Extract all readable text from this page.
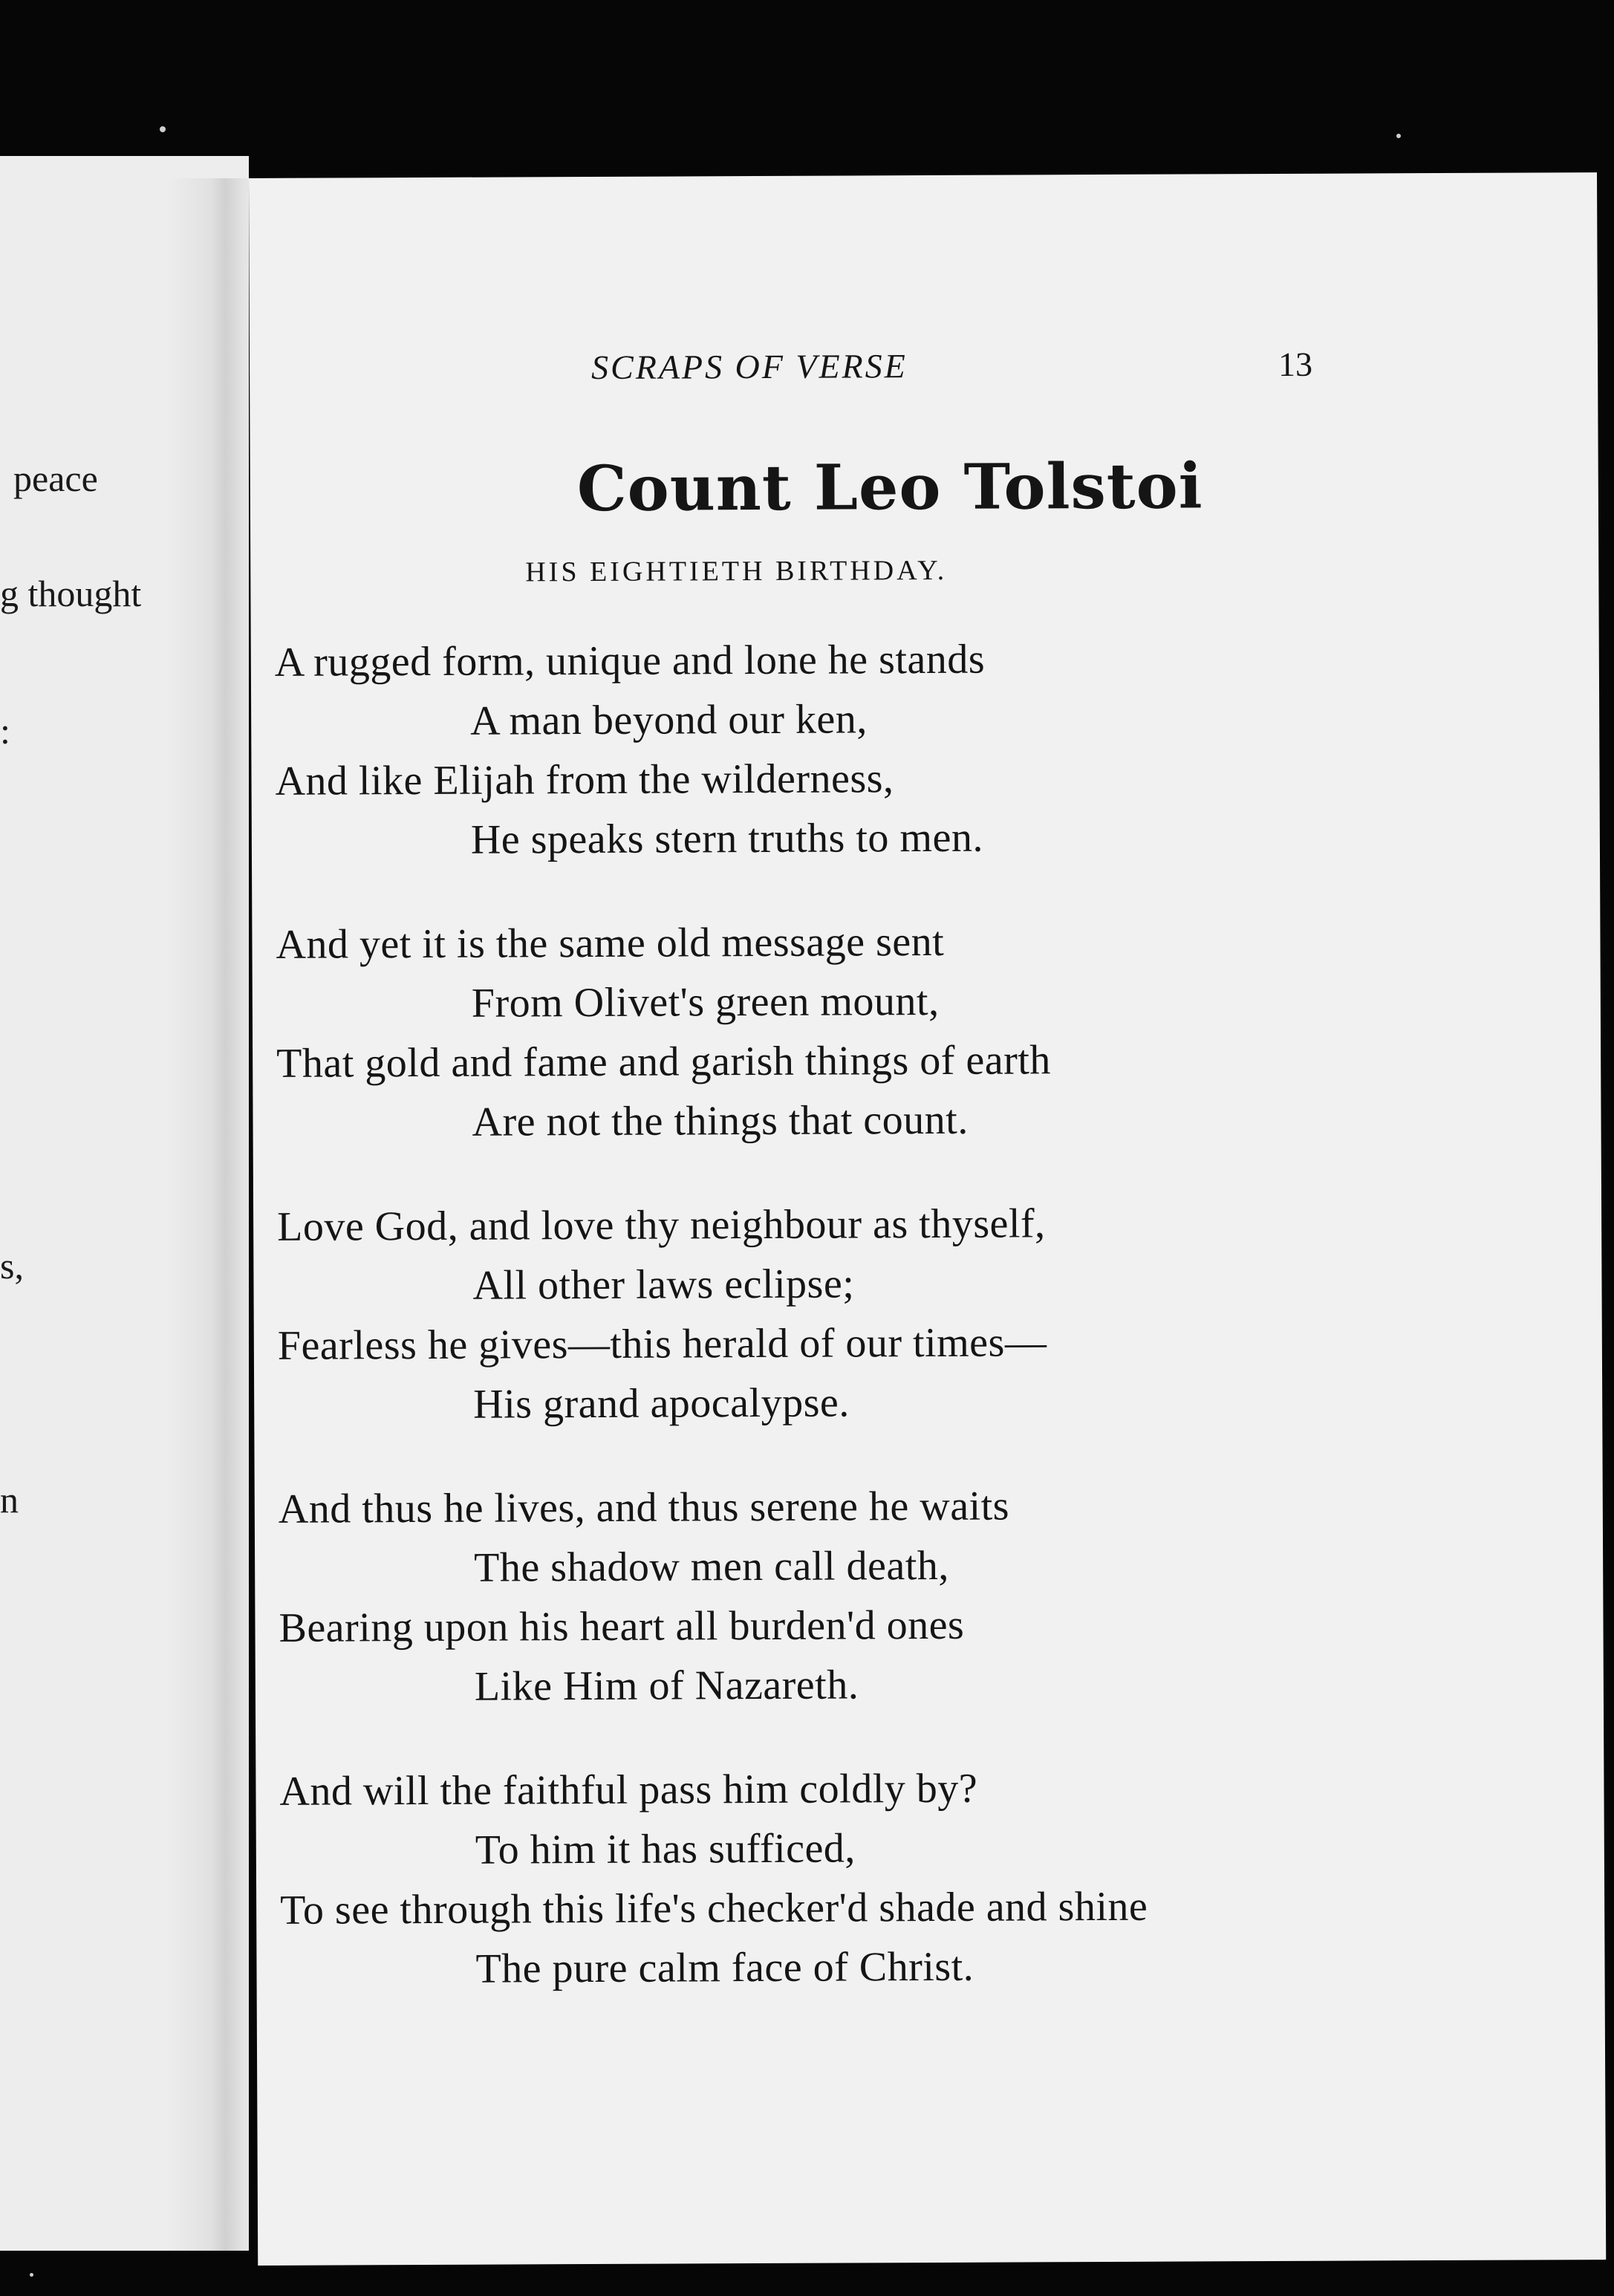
peace
g thought
:
s,
n
SCRAPS OF VERSE	13
Count Leo Tolstoi
HIS EIGHTIETH BIRTHDAY.
A rugged form, unique and lone he stands
A man beyond our ken,
And like Elijah from the wilderness,
He speaks stern truths to men.
And yet it is the same old message sent
From Olivet's green mount,
That gold and fame and garish things of earth
Are not the things that count.
Love God, and love thy neighbour as thyself,
All other laws eclipse;
Fearless he gives—this herald of our times—
His grand apocalypse.
And thus he lives, and thus serene he waits
The shadow men call death,
Bearing upon his heart all burden'd ones
Like Him of Nazareth.
And will the faithful pass him coldly by?
To him it has sufficed,
To see through this life's checker'd shade and shine
The pure calm face of Christ.
